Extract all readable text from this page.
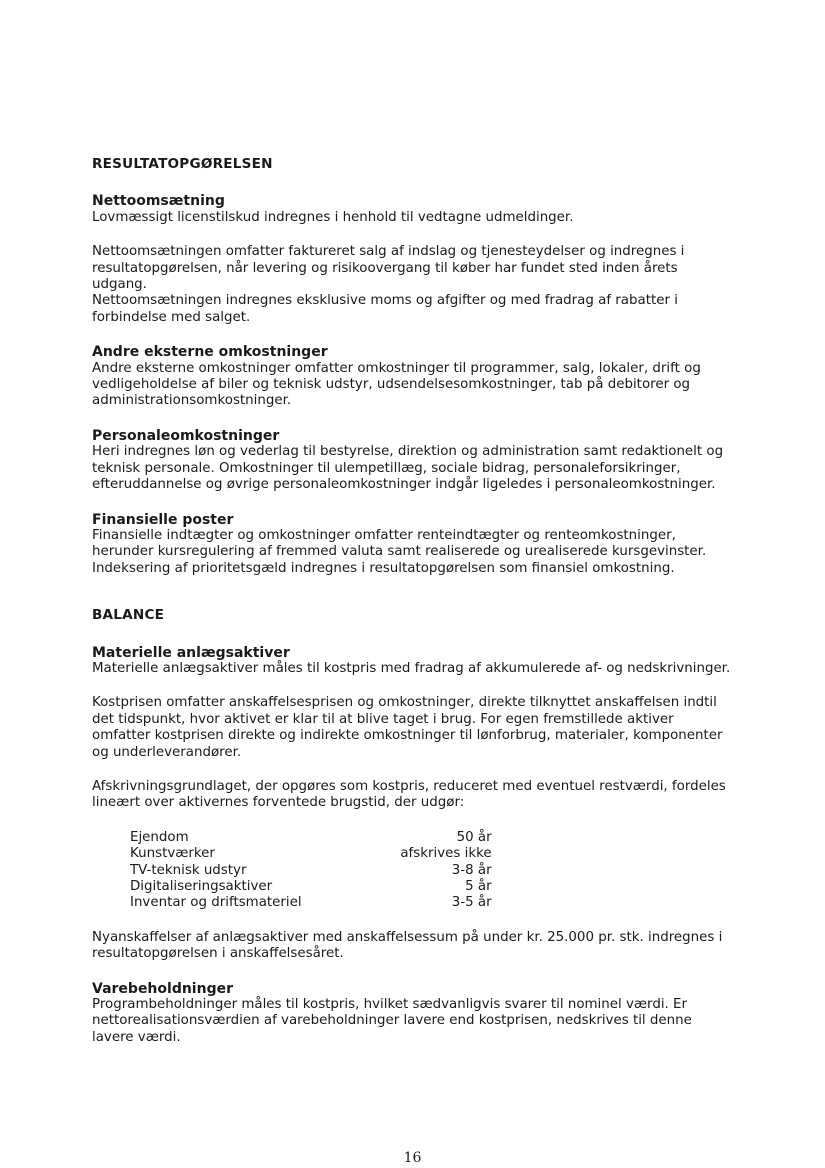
RESULTATOPGØRELSEN
Nettoomsætning

Lovmæssigt licenstilskud indregnes i henhold til vedtagne udmeldinger.

Nettoomsætningen omfatter faktureret salg af indslag og tjenesteydelser og indregnes i resultatopgørelsen, når levering og risikoovergang til køber har fundet sted inden årets udgang.

Nettoomsætningen indregnes eksklusive moms og afgifter og med fradrag af rabatter i forbindelse med salget.

Andre eksterne omkostninger

Andre eksterne omkostninger omfatter omkostninger til programmer, salg, lokaler, drift og vedligeholdelse af biler og teknisk udstyr, udsendelsesomkostninger, tab på debitorer og administrationsomkostninger.

Personaleomkostninger

Heri indregnes løn og vederlag til bestyrelse, direktion og administration samt redaktionelt og teknisk personale. Omkostninger til ulempetillæg, sociale bidrag, personaleforsikringer, efteruddannelse og øvrige personaleomkostninger indgår ligeledes i personaleomkostninger.

Finansielle poster

Finansielle indtægter og omkostninger omfatter renteindtægter og renteomkostninger, herunder kursregulering af fremmed valuta samt realiserede og urealiserede kursgevinster. Indeksering af prioritetsgæld indregnes i resultatopgørelsen som finansiel omkostning.

BALANCE
Materielle anlægsaktiver

Materielle anlægsaktiver måles til kostpris med fradrag af akkumulerede af- og nedskrivninger.

Kostprisen omfatter anskaffelsesprisen og omkostninger, direkte tilknyttet anskaffelsen indtil det tidspunkt, hvor aktivet er klar til at blive taget i brug. For egen fremstillede aktiver omfatter kostprisen direkte og indirekte omkostninger til lønforbrug, materialer, komponenter og underleverandører.

Afskrivningsgrundlaget, der opgøres som kostpris, reduceret med eventuel restværdi, fordeles lineært over aktivernes forventede brugstid, der udgør:

Ejendom	50 år
Kunstværker	afskrives ikke
TV-teknisk udstyr	3-8 år
Digitaliseringsaktiver	5 år
Inventar og driftsmateriel	3-5 år

Nyanskaffelser af anlægsaktiver med anskaffelsessum på under kr. 25.000 pr. stk. indregnes i resultatopgørelsen i anskaffelsesåret.

Varebeholdninger

Programbeholdninger måles til kostpris, hvilket sædvanligvis svarer til nominel værdi. Er nettorealisationsværdien af varebeholdninger lavere end kostprisen, nedskrives til denne lavere værdi.

16
